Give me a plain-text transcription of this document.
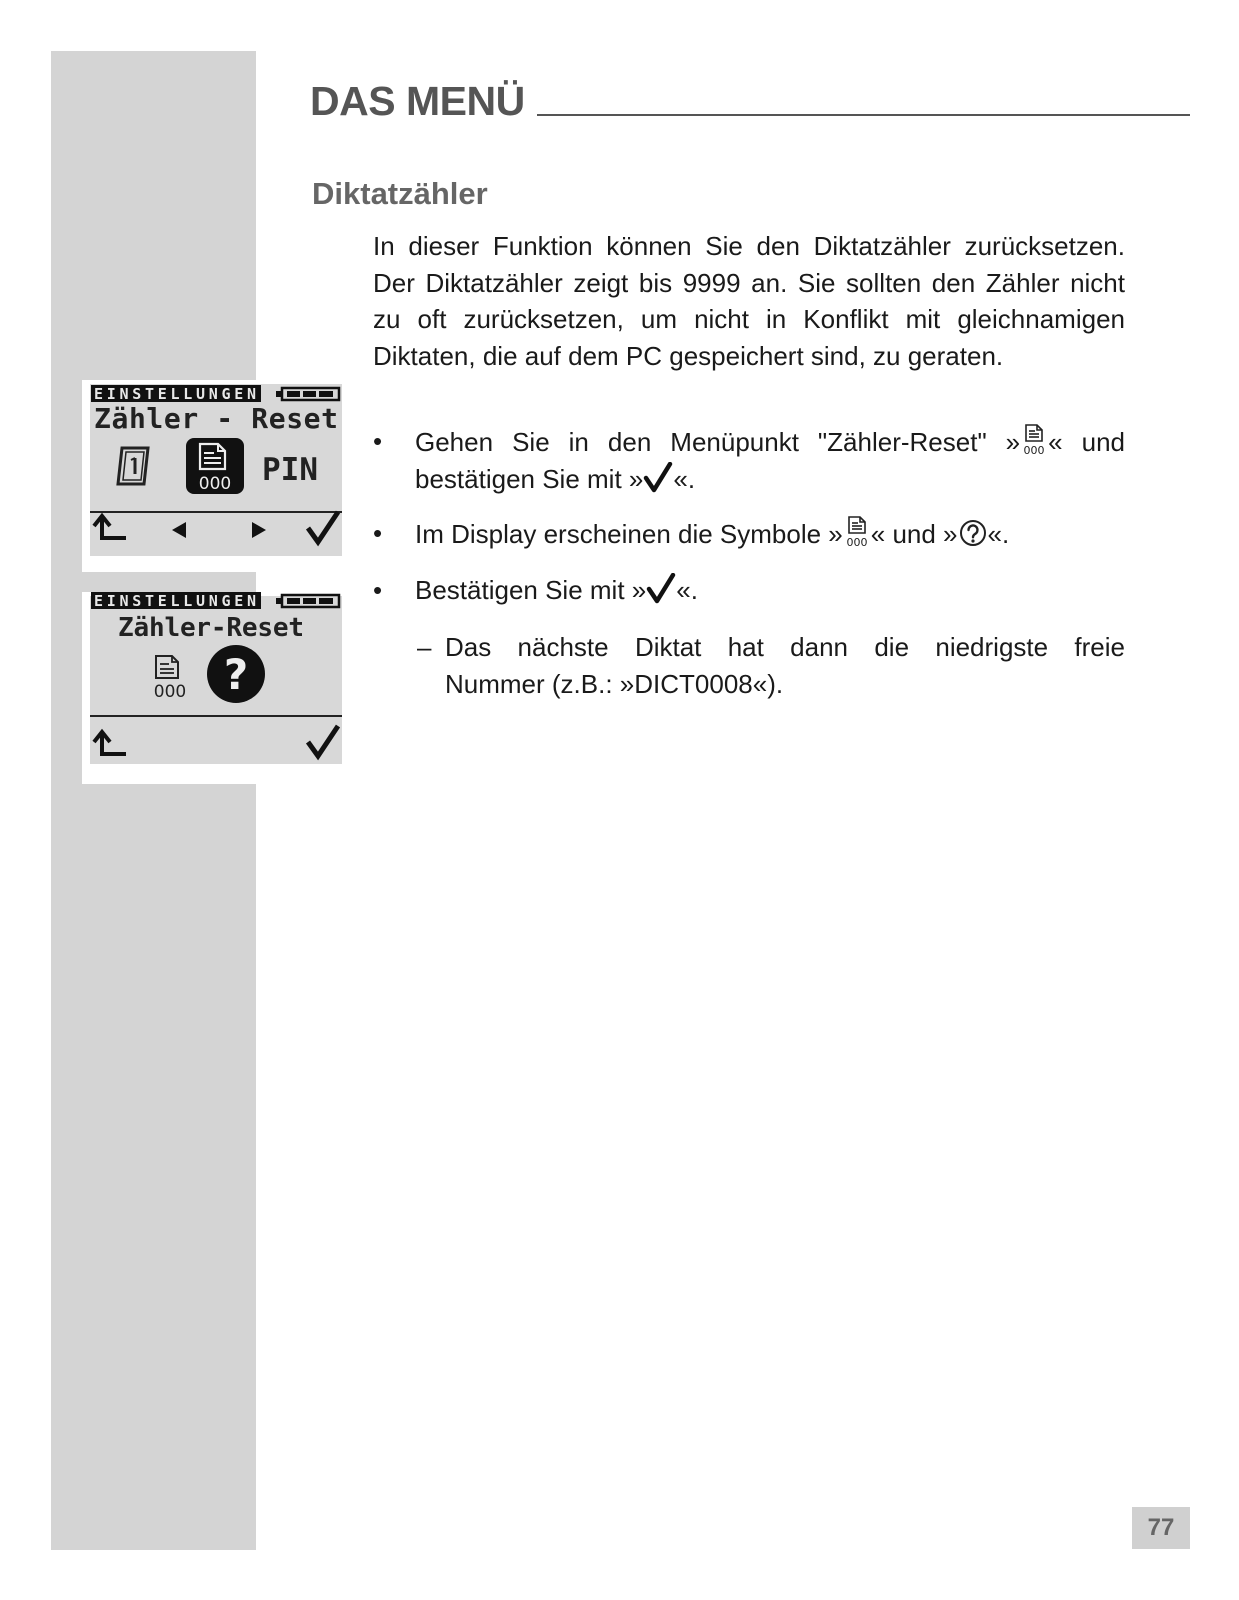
DAS MENÜ
Diktatzähler

In dieser Funktion können Sie den Diktatzähler zurücksetzen. Der Diktatzähler zeigt bis 9999 an. Sie sollten den Zähler nicht zu oft zurücksetzen, um nicht in Konflikt mit gleichnamigen Diktaten, die auf dem PC gespeichert sind, zu geraten.

• Gehen Sie in den Menüpunkt "Zähler-Reset" » 000 « und bestätigen Sie mit » «.
• Im Display erscheinen die Symbole » 000 « und » «.
• Bestätigen Sie mit » «.
– Das nächste Diktat hat dann die niedrigste freie
Nummer (z.B.: »DICT0008«).
EINSTELLUNGEN
Zähler - Reset
000 PIN
EINSTELLUNGEN
Zähler-Reset
000 ?
77
